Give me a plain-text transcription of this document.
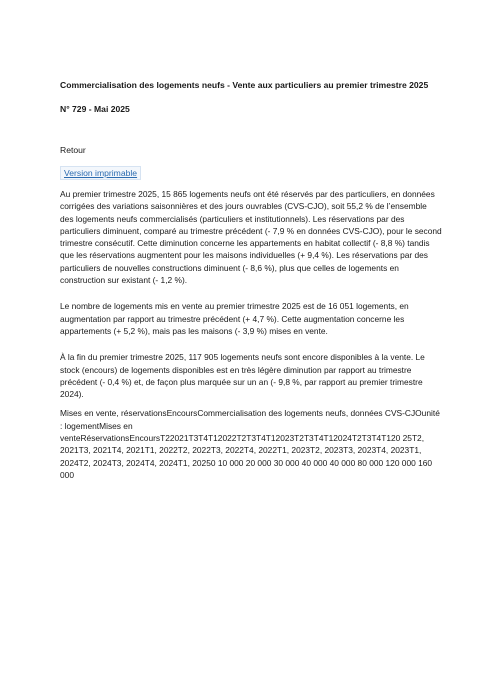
Commercialisation des logements neufs - Vente aux particuliers au premier trimestre 2025

N° 729 - Mai 2025

Retour
Version imprimable

Au premier trimestre 2025, 15 865 logements neufs ont été réservés par des particuliers, en données corrigées des variations saisonnières et des jours ouvrables (CVS-CJO), soit 55,2 % de l’ensemble des logements neufs commercialisés (particuliers et institutionnels). Les réservations par des particuliers diminuent, comparé au trimestre précédent (- 7,9 % en données CVS-CJO), pour le second trimestre consécutif. Cette diminution concerne les appartements en habitat collectif (- 8,8 %) tandis que les réservations augmentent pour les maisons individuelles (+ 9,4 %). Les réservations par des particuliers de nouvelles constructions diminuent (- 8,6 %), plus que celles de logements en construction sur existant (- 1,2 %).

Le nombre de logements mis en vente au premier trimestre 2025 est de 16 051 logements, en augmentation par rapport au trimestre précédent (+ 4,7 %). Cette augmentation concerne les appartements (+ 5,2 %), mais pas les maisons (- 3,9 %) mises en vente.

À la fin du premier trimestre 2025, 117 905 logements neufs sont encore disponibles à la vente. Le stock (encours) de logements disponibles est en très légère diminution par rapport au trimestre précédent (- 0,4 %) et, de façon plus marquée sur un an (- 9,8 %, par rapport au premier trimestre 2024).

Mises en vente, réservationsEncoursCommercialisation des logements neufs, données CVS-CJOunité : logementMises en venteRéservationsEncoursT22021T3T4T12022T2T3T4T12023T2T3T4T12024T2T3T4T120 25T2, 2021T3, 2021T4, 2021T1, 2022T2, 2022T3, 2022T4, 2022T1, 2023T2, 2023T3, 2023T4, 2023T1, 2024T2, 2024T3, 2024T4, 2024T1, 20250 10 000 20 000 30 000 40 000 40 000 80 000 120 000 160 000
